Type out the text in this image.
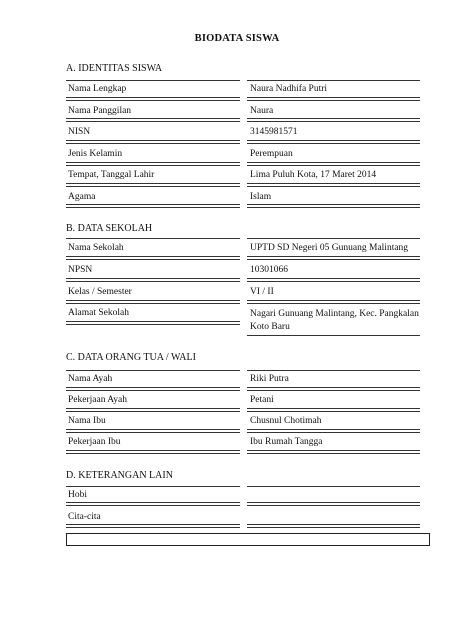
BIODATA SISWA
A. IDENTITAS SISWA
Nama Lengkap	Naura Nadhifa Putri
Nama Panggilan	Naura
NISN	3145981571
Jenis Kelamin	Perempuan
Tempat, Tanggal Lahir	Lima Puluh Kota, 17 Maret 2014
Agama	Islam
B. DATA SEKOLAH
Nama Sekolah	UPTD SD Negeri 05 Gunuang Malintang
NPSN	10301066
Kelas / Semester	VI / II
Alamat Sekolah	Nagari Gunuang Malintang, Kec. Pangkalan Koto Baru
C. DATA ORANG TUA / WALI
Nama Ayah	Riki Putra
Pekerjaan Ayah	Petani
Nama Ibu	Chusnul Chotimah
Pekerjaan Ibu	Ibu Rumah Tangga
D. KETERANGAN LAIN
Hobi
Cita-cita
